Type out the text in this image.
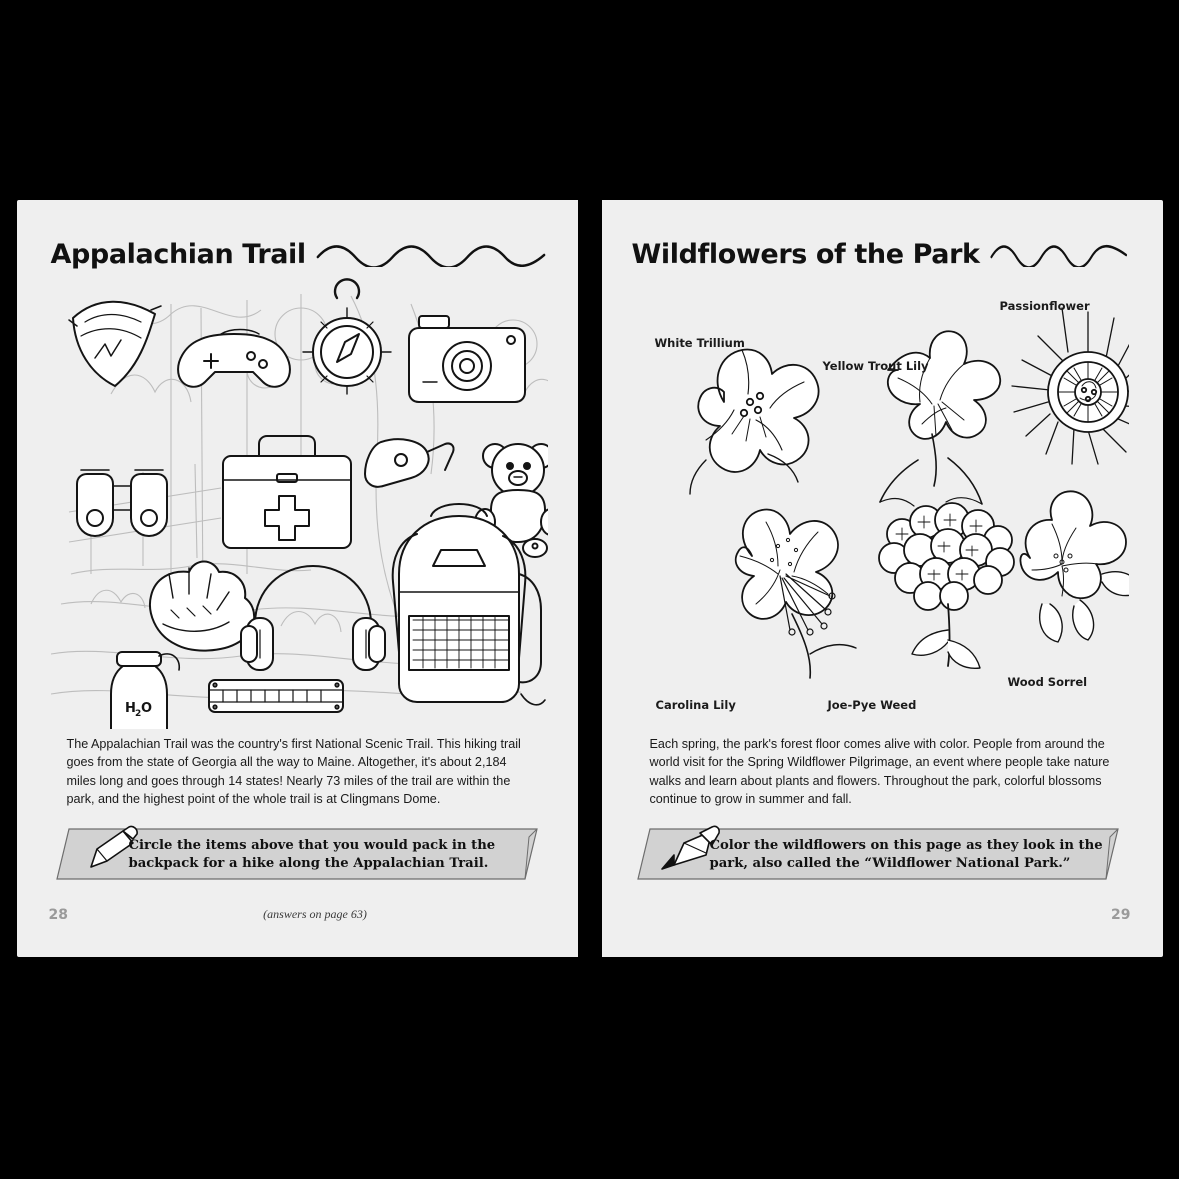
Appalachian Trail
H 2 O
The Appalachian Trail was the country's first National Scenic Trail. This hiking trail goes from the state of Georgia all the way to Maine. Altogether, it's about 2,184 miles long and goes through 14 states! Nearly 73 miles of the trail are within the park, and the highest point of the whole trail is at Clingmans Dome.
Circle the items above that you would pack in the backpack for a hike along the Appalachian Trail.
28	(answers on page 63)
Wildflowers of the Park
White Trillium
Yellow Trout Lily
Passionflower
Carolina Lily	Joe-Pye Weed
Wood Sorrel
Each spring, the park's forest floor comes alive with color. People from around the world visit for the Spring Wildflower Pilgrimage, an event where people take nature walks and learn about plants and flowers. Throughout the park, colorful blossoms continue to grow in summer and fall.
Color the wildflowers on this page as they look in the park, also called the “Wildflower National Park.”
29
